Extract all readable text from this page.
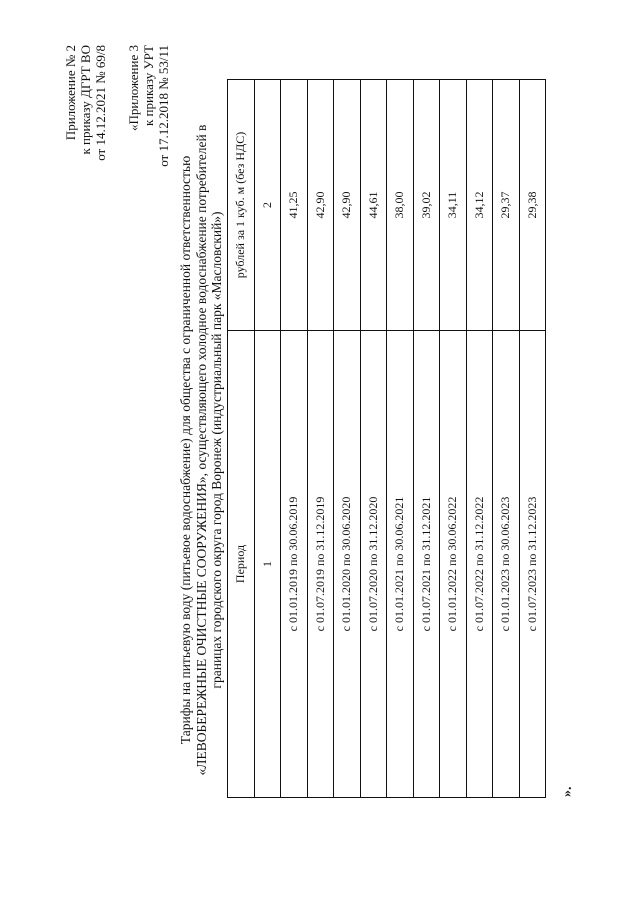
Приложение № 2 к приказу ДГРТ ВО от 14.12.2021 № 69/8 «Приложение 3 к приказу УРТ от 17.12.2018 № 53/11
Тарифы на питьевую воду (питьевое водоснабжение) для общества с ограниченной ответственностью «ЛЕВОБЕРЕЖНЫЕ ОЧИСТНЫЕ СООРУЖЕНИЯ», осуществляющего холодное водоснабжение потребителей в границах городского округа город Воронеж (индустриальный парк «Масловский») Период	рублей за 1 куб. м (без НДС)
1	2
с 01.01.2019 по 30.06.2019	41,25
с 01.07.2019 по 31.12.2019	42,90
с 01.01.2020 по 30.06.2020	42,90
с 01.07.2020 по 31.12.2020	44,61
с 01.01.2021 по 30.06.2021	38,00
с 01.07.2021 по 31.12.2021	39,02
с 01.01.2022 по 30.06.2022	34,11
с 01.07.2022 по 31.12.2022	34,12
с 01.01.2023 по 30.06.2023	29,37
с 01.07.2023 по 31.12.2023	29,38
».
